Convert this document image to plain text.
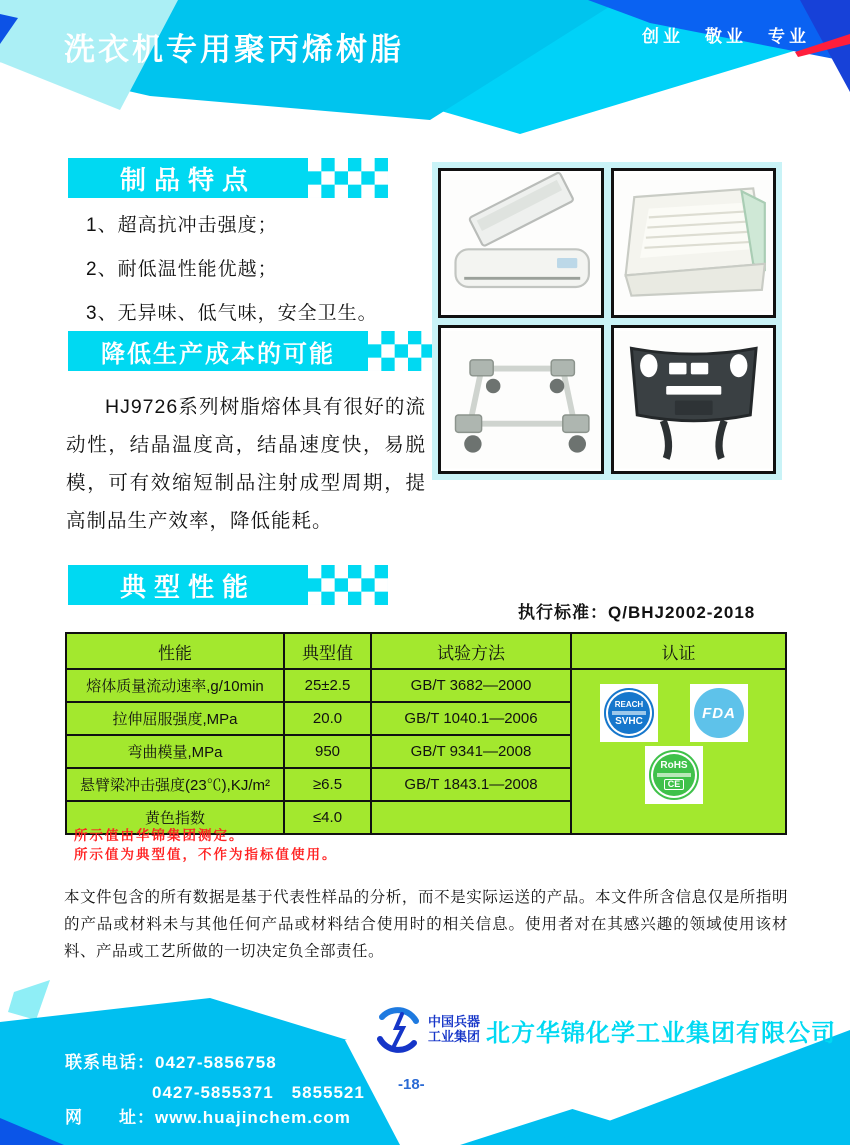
洗衣机专用聚丙烯树脂	创业　敬业　专业
制品特点
1、超高抗冲击强度；
2、耐低温性能优越；
3、无异味、低气味，安全卫生。
降低生产成本的可能

HJ9726系列树脂熔体具有很好的流动性，结晶温度高，结晶速度快，易脱模，可有效缩短制品注射成型周期，提高制品生产效率，降低能耗。

典型性能
执行标准：Q/BHJ2002-2018
性能	典型值	试验方法	认证
熔体质量流动速率,g/10min	25±2.5	GB/T 3682—2000	REACH
SVHC FDA
RoHS
CE

拉伸屈服强度,MPa	20.0	GB/T 1040.1—2006	
弯曲模量,MPa	950	GB/T 9341—2008	
悬臂梁冲击强度(23℃),KJ/m²	≥6.5	GB/T 1843.1—2008	
黄色指数	≤4.0		
所示值由华锦集团测定。
所示值为典型值，不作为指标值使用。

本文件包含的所有数据是基于代表性样品的分析，而不是实际运送的产品。本文件所含信息仅是所指明的产品或材料未与其他任何产品或材料结合使用时的相关信息。使用者对在其感兴趣的领域使用该材料、产品或工艺所做的一切决定负全部责任。

中国兵器
工业集团 北方华锦化学工业集团有限公司
联系电话：0427-5856758
0427-5855371　5855521
网　　址：www.huajinchem.com
-18-
